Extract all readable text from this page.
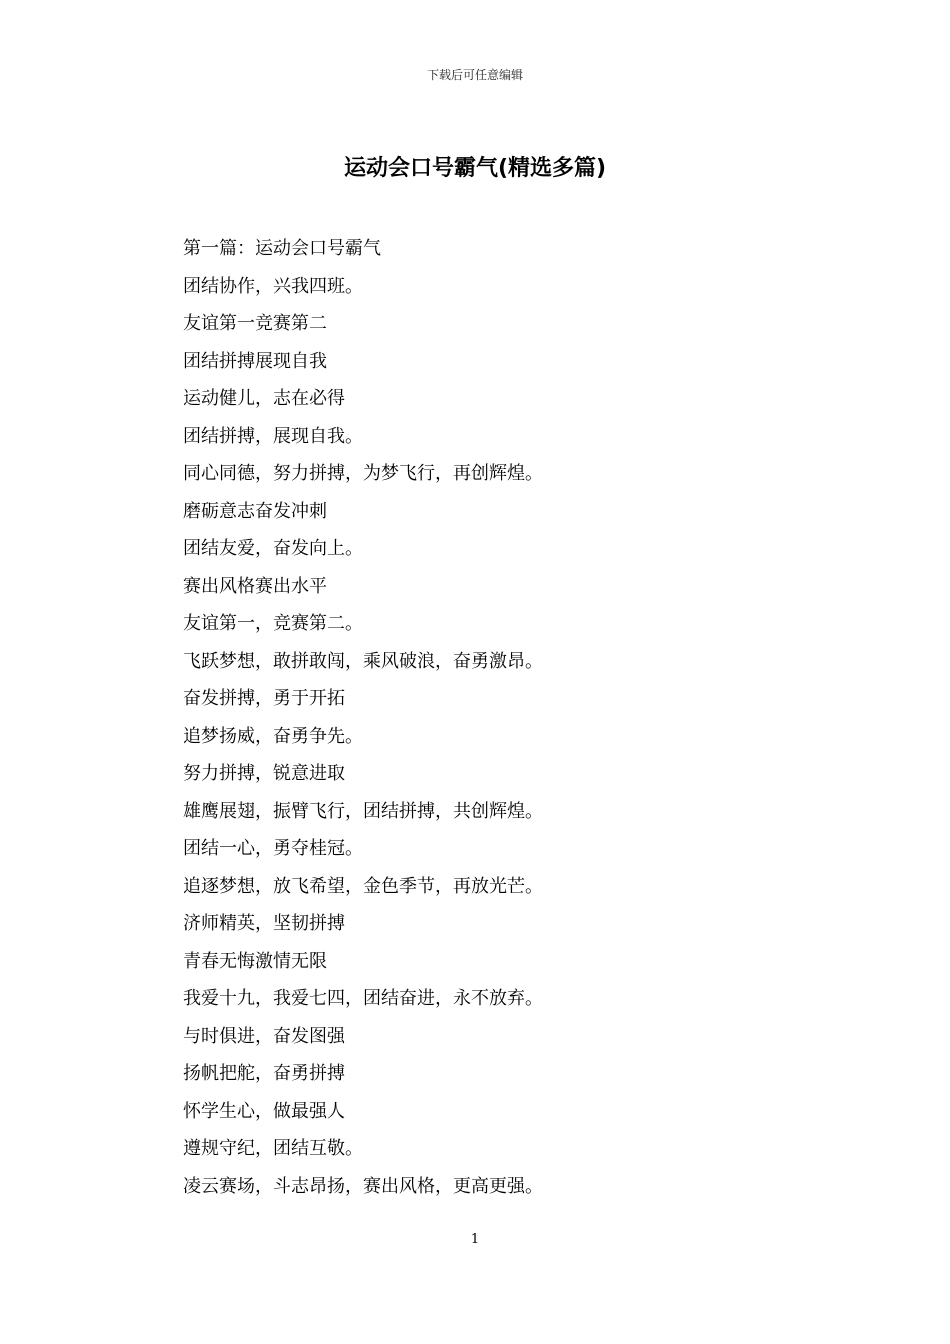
下载后可任意编辑
运动会口号霸气(精选多篇)
第一篇：运动会口号霸气
团结协作，兴我四班。
友谊第一竞赛第二
团结拼搏展现自我
运动健儿，志在必得
团结拼搏，展现自我。
同心同德，努力拼搏，为梦飞行，再创辉煌。
磨砺意志奋发冲刺
团结友爱，奋发向上。
赛出风格赛出水平
友谊第一，竞赛第二。
飞跃梦想，敢拼敢闯，乘风破浪，奋勇激昂。
奋发拼搏，勇于开拓
追梦扬威，奋勇争先。
努力拼搏，锐意进取
雄鹰展翅，振臂飞行，团结拼搏，共创辉煌。
团结一心，勇夺桂冠。
追逐梦想，放飞希望，金色季节，再放光芒。
济师精英，坚韧拼搏
青春无悔激情无限
我爱十九，我爱七四，团结奋进，永不放弃。
与时俱进，奋发图强
扬帆把舵，奋勇拼搏
怀学生心，做最强人
遵规守纪，团结互敬。
凌云赛场，斗志昂扬，赛出风格，更高更强。
1
